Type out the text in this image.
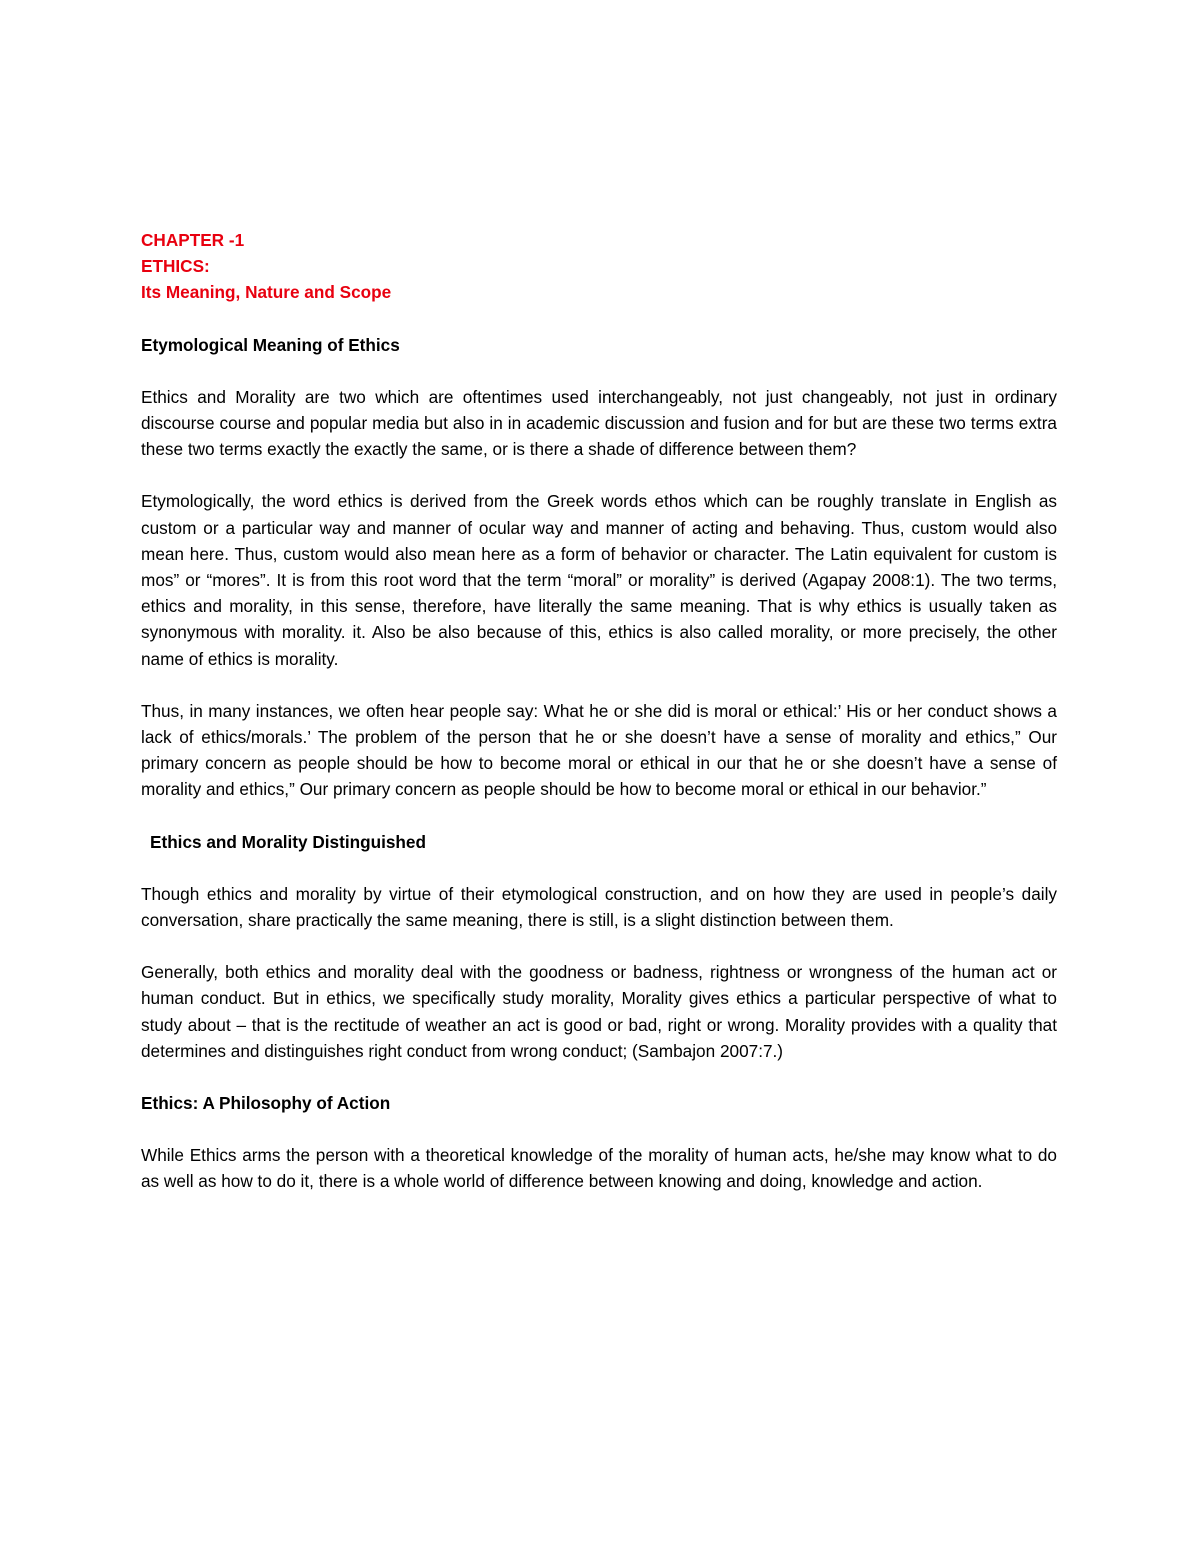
CHAPTER -1
ETHICS:
Its Meaning, Nature and Scope

Etymological Meaning of Ethics

Ethics and Morality are two which are oftentimes used interchangeably, not just changeably, not just in ordinary discourse course and popular media but also in in academic discussion and fusion and for but are these two terms extra these two terms exactly the exactly the same, or is there a shade of difference between them?

Etymologically, the word ethics is derived from the Greek words ethos which can be roughly translate in English as custom or a particular way and manner of ocular way and manner of acting and behaving. Thus, custom would also mean here. Thus, custom would also mean here as a form of behavior or character. The Latin equivalent for custom is mos” or “mores”. It is from this root word that the term “moral” or morality” is derived (Agapay 2008:1). The two terms, ethics and morality, in this sense, therefore, have literally the same meaning. That is why ethics is usually taken as synonymous with morality. it. Also be also because of this, ethics is also called morality, or more precisely, the other name of ethics is morality.

Thus, in many instances, we often hear people say: What he or she did is moral or ethical:’ His or her conduct shows a lack of ethics/morals.’ The problem of the person that he or she doesn’t have a sense of morality and ethics,” Our primary concern as people should be how to become moral or ethical in our that he or she doesn’t have a sense of morality and ethics,” Our primary concern as people should be how to become moral or ethical in our behavior.”

Ethics and Morality Distinguished

Though ethics and morality by virtue of their etymological construction, and on how they are used in people’s daily conversation, share practically the same meaning, there is still, is a slight distinction between them.

Generally, both ethics and morality deal with the goodness or badness, rightness or wrongness of the human act or human conduct. But in ethics, we specifically study morality, Morality gives ethics a particular perspective of what to study about – that is the rectitude of weather an act is good or bad, right or wrong. Morality provides with a quality that determines and distinguishes right conduct from wrong conduct; (Sambajon 2007:7.)

Ethics: A Philosophy of Action

While Ethics arms the person with a theoretical knowledge of the morality of human acts, he/she may know what to do as well as how to do it, there is a whole world of difference between knowing and doing, knowledge and action.
